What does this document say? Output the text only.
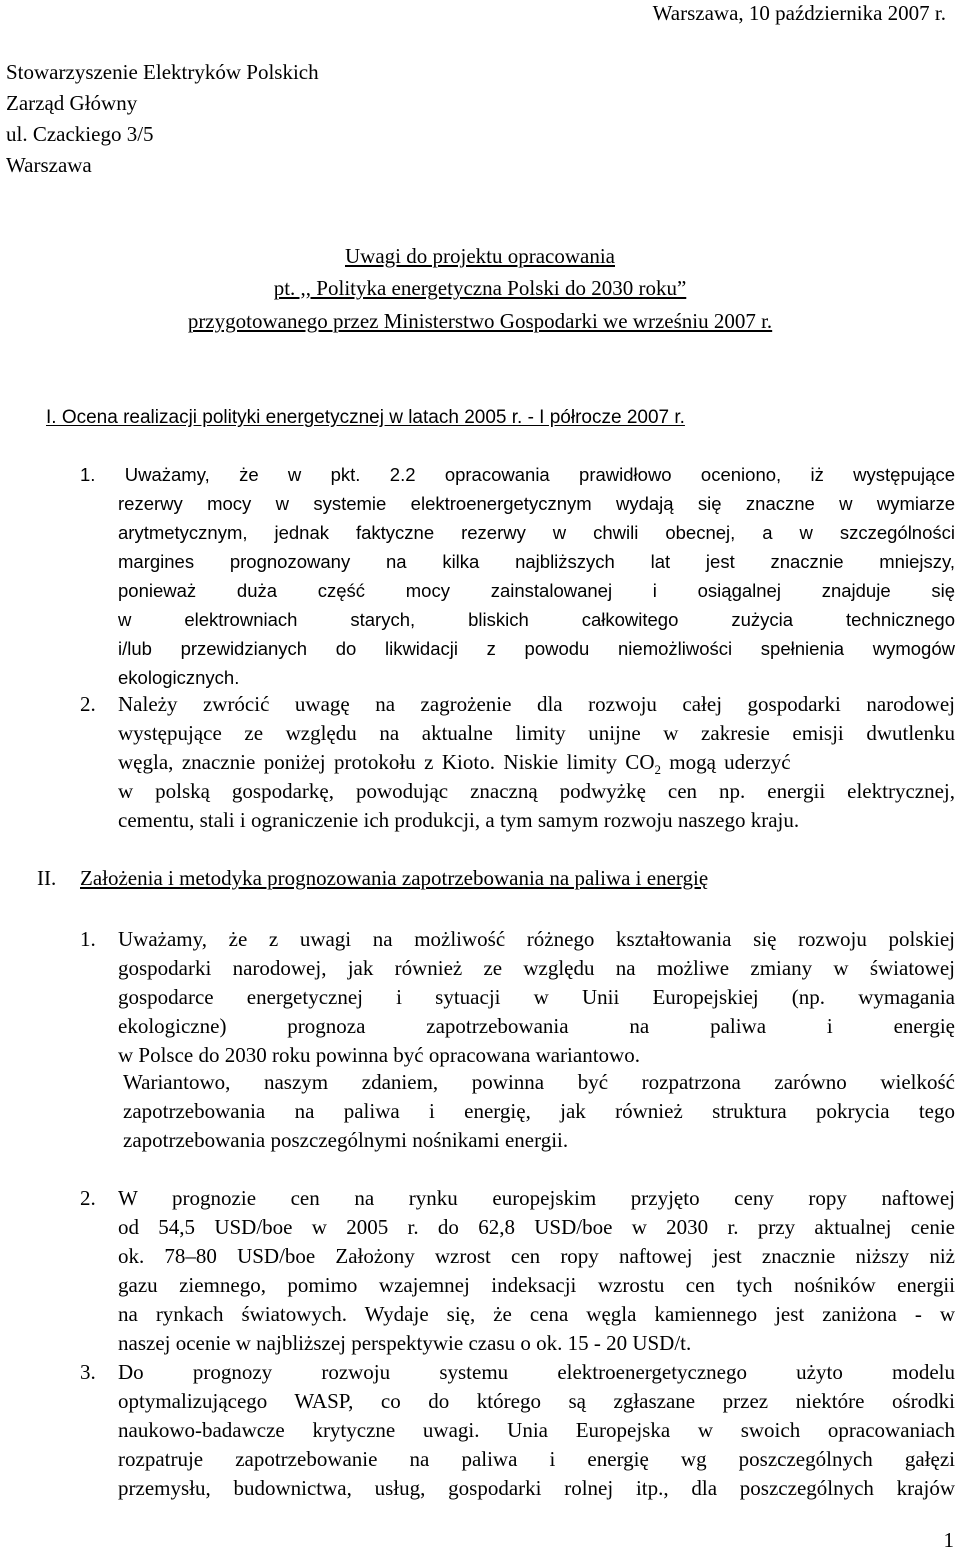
Warszawa, 10 października 2007 r.
Stowarzyszenie Elektryków Polskich
Zarząd Główny
ul. Czackiego 3/5
Warszawa
Uwagi do projektu opracowania
pt. ,, Polityka energetyczna Polski do 2030 roku”
przygotowanego przez Ministerstwo Gospodarki we wrześniu 2007 r.
I. Ocena realizacji polityki energetycznej w latach 2005 r. - I półrocze 2007 r.
1. Uważamy, że w pkt. 2.2 opracowania prawidłowo oceniono, iż występujące
rezerwy mocy w systemie elektroenergetycznym wydają się znaczne w wymiarze
arytmetycznym, jednak faktyczne rezerwy w chwili obecnej, a w szczególności
margines prognozowany na kilka najbliższych lat jest znacznie mniejszy,
ponieważ duża część mocy zainstalowanej i osiągalnej znajduje się
w elektrowniach starych, bliskich całkowitego zużycia technicznego
i/lub przewidzianych do likwidacji z powodu niemożliwości spełnienia wymogów
ekologicznych.
2. Należy zwrócić uwagę na zagrożenie dla rozwoju całej gospodarki narodowej
występujące ze względu na aktualne limity unijne w zakresie emisji dwutlenku
węgla, znacznie poniżej protokołu z Kioto. Niskie limity $CO_2$ mogą uderzyć
w polską gospodarkę, powodując znaczną podwyżkę cen np. energii elektrycznej,
cementu, stali i ograniczenie ich produkcji, a tym samym rozwoju naszego kraju.
II. Założenia i metodyka prognozowania zapotrzebowania na paliwa i energię
1. Uważamy, że z uwagi na możliwość różnego kształtowania się rozwoju polskiej
gospodarki narodowej, jak również ze względu na możliwe zmiany w światowej
gospodarce energetycznej i sytuacji w Unii Europejskiej (np. wymagania
ekologiczne) prognoza zapotrzebowania na paliwa i energię
w Polsce do 2030 roku powinna być opracowana wariantowo.
Wariantowo, naszym zdaniem, powinna być rozpatrzona zarówno wielkość
zapotrzebowania na paliwa i energię, jak również struktura pokrycia tego
zapotrzebowania poszczególnymi nośnikami energii.
2. W prognozie cen na rynku europejskim przyjęto ceny ropy naftowej
od 54,5 USD/boe w 2005 r. do 62,8 USD/boe w 2030 r. przy aktualnej cenie
ok. 78–80 USD/boe Założony wzrost cen ropy naftowej jest znacznie niższy niż
gazu ziemnego, pomimo wzajemnej indeksacji wzrostu cen tych nośników energii
na rynkach światowych. Wydaje się, że cena węgla kamiennego jest zaniżona - w
naszej ocenie w najbliższej perspektywie czasu o ok. 15 - 20 USD/t.
3. Do prognozy rozwoju systemu elektroenergetycznego użyto modelu
optymalizującego WASP, co do którego są zgłaszane przez niektóre ośrodki
naukowo-badawcze krytyczne uwagi. Unia Europejska w swoich opracowaniach
rozpatruje zapotrzebowanie na paliwa i energię wg poszczególnych gałęzi
przemysłu, budownictwa, usług, gospodarki rolnej itp., dla poszczególnych krajów
1
